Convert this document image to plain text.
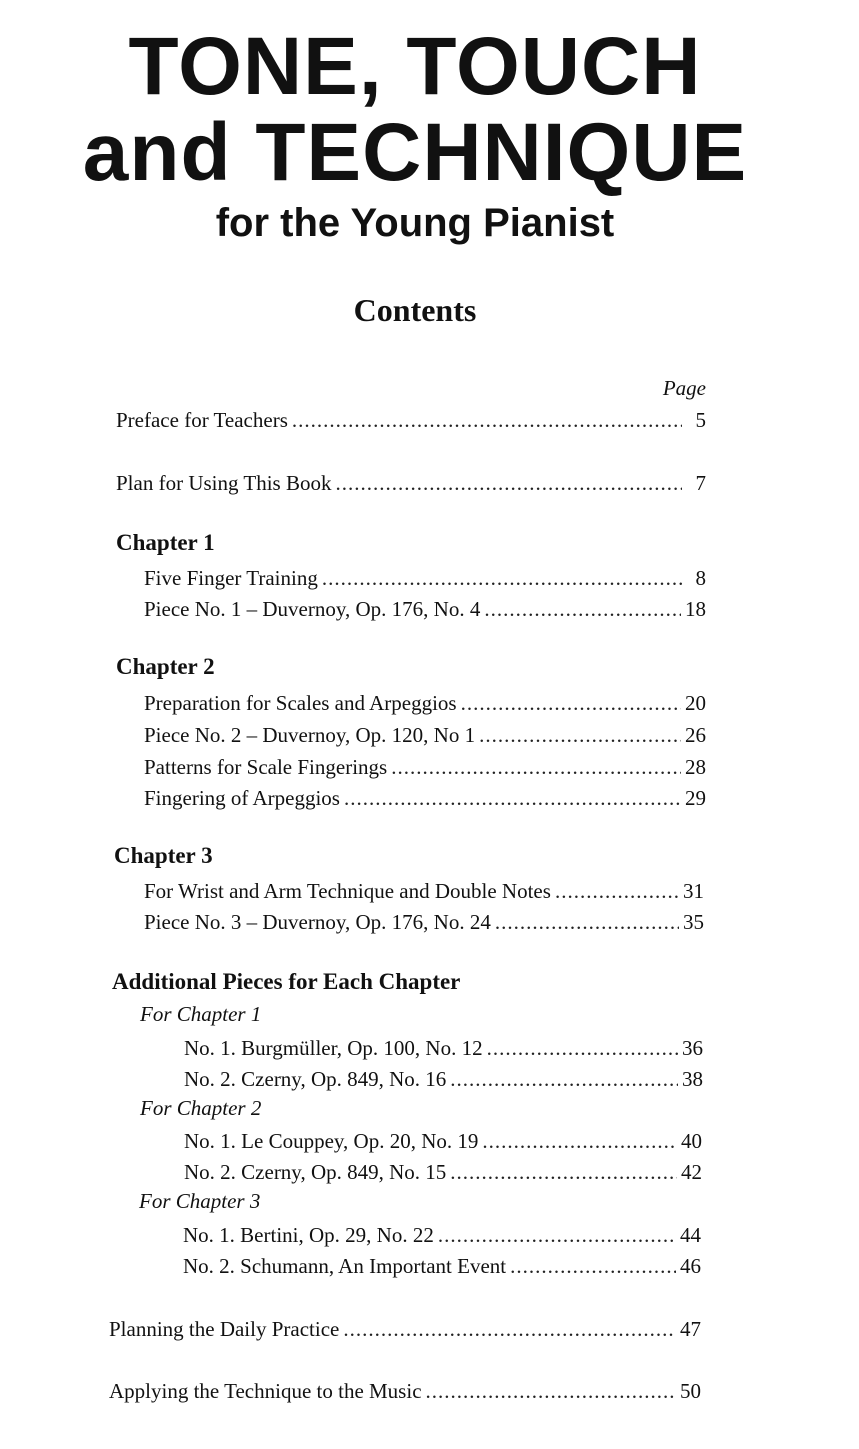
TONE, TOUCH
and TECHNIQUE
for the Young Pianist
Contents
Page
Preface for Teachers .....	5
Plan for Using This Book .....	7
Chapter 1
Five Finger Training .....	8
Piece No. 1 – Duvernoy, Op. 176, No. 4 .....	18
Chapter 2
Preparation for Scales and Arpeggios .....	20
Piece No. 2 – Duvernoy, Op. 120, No 1 .....	26
Patterns for Scale Fingerings .....	28
Fingering of Arpeggios .....	29
Chapter 3
For Wrist and Arm Technique and Double Notes .....	31
Piece No. 3 – Duvernoy, Op. 176, No. 24 .....	35
Additional Pieces for Each Chapter
For Chapter 1
No. 1. Burgmüller, Op. 100, No. 12 .....	36
No. 2. Czerny, Op. 849, No. 16 .....	38
For Chapter 2
No. 1. Le Couppey, Op. 20, No. 19 .....	40
No. 2. Czerny, Op. 849, No. 15 .....	42
For Chapter 3
No. 1. Bertini, Op. 29, No. 22 .....	44
No. 2. Schumann, An Important Event .....	46
Planning the Daily Practice .....	47
Applying the Technique to the Music .....	50
